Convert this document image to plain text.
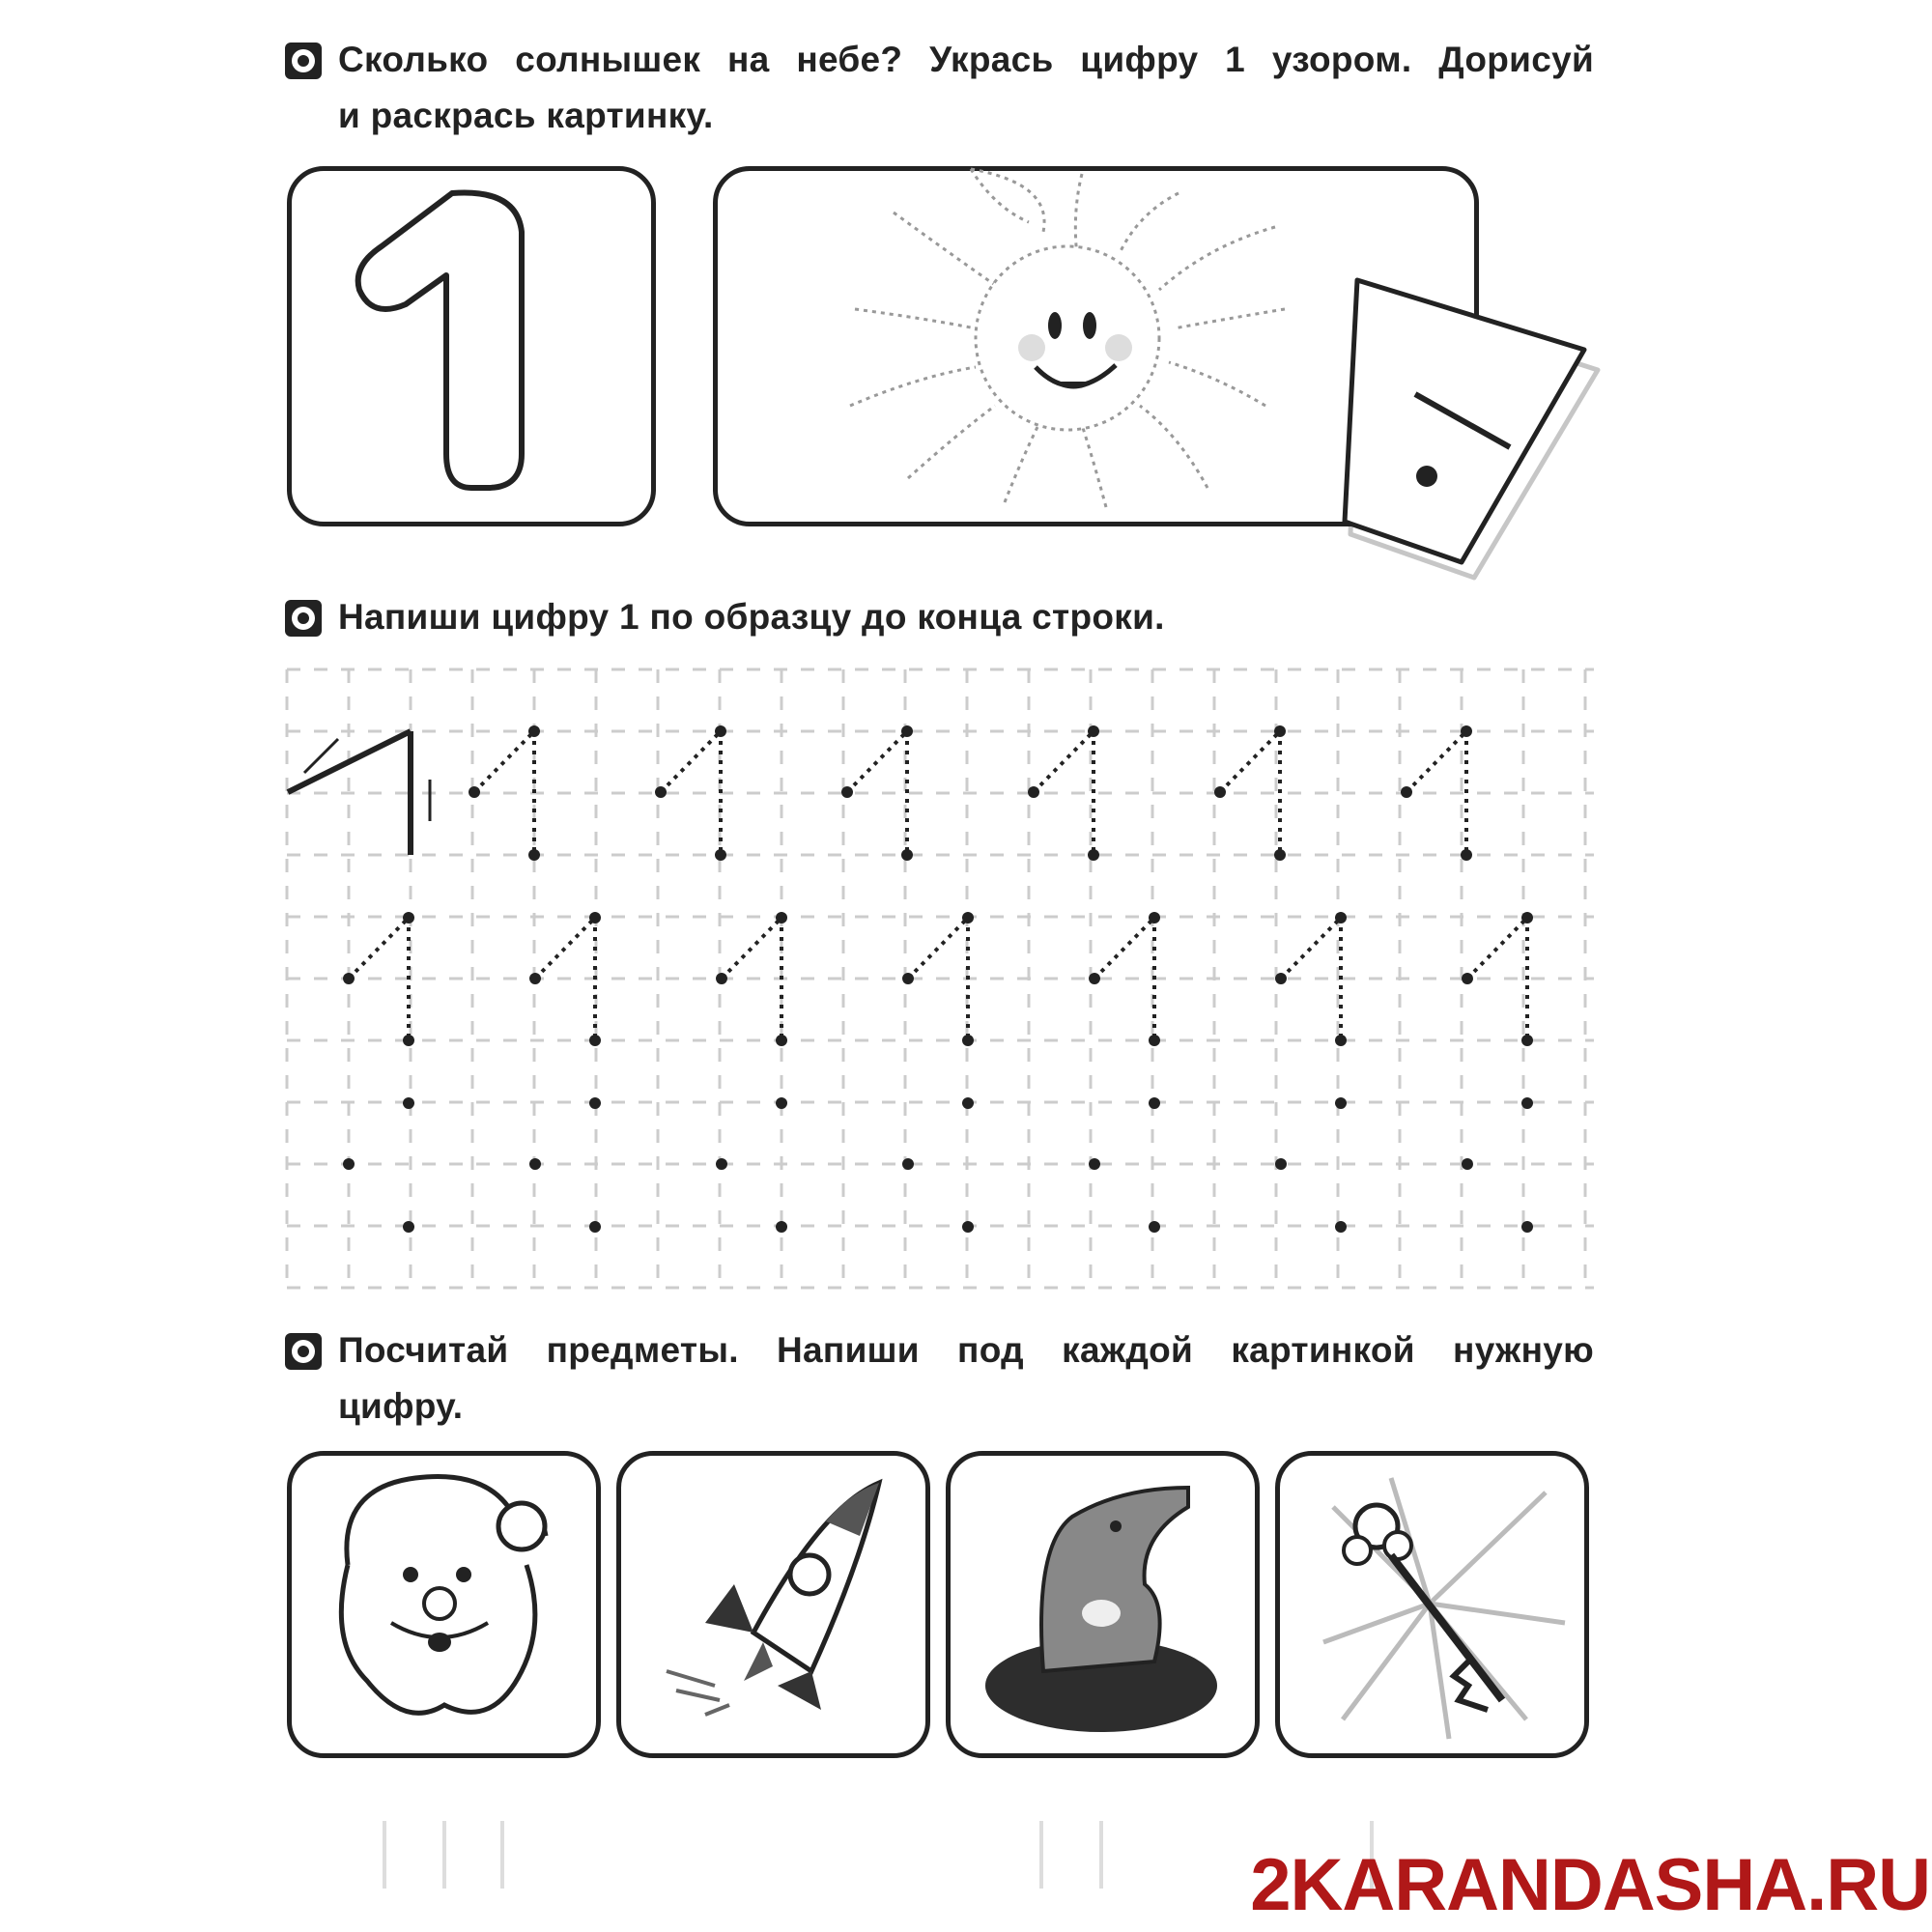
Сколько солнышек на небе? Укрась цифру 1 узором. Дорисуй
и раскрась картинку.
Напиши цифру 1 по образцу до конца строки.
Посчитай предметы. Напиши под каждой картинкой нужную
цифру.
2KARANDASHA.RU
